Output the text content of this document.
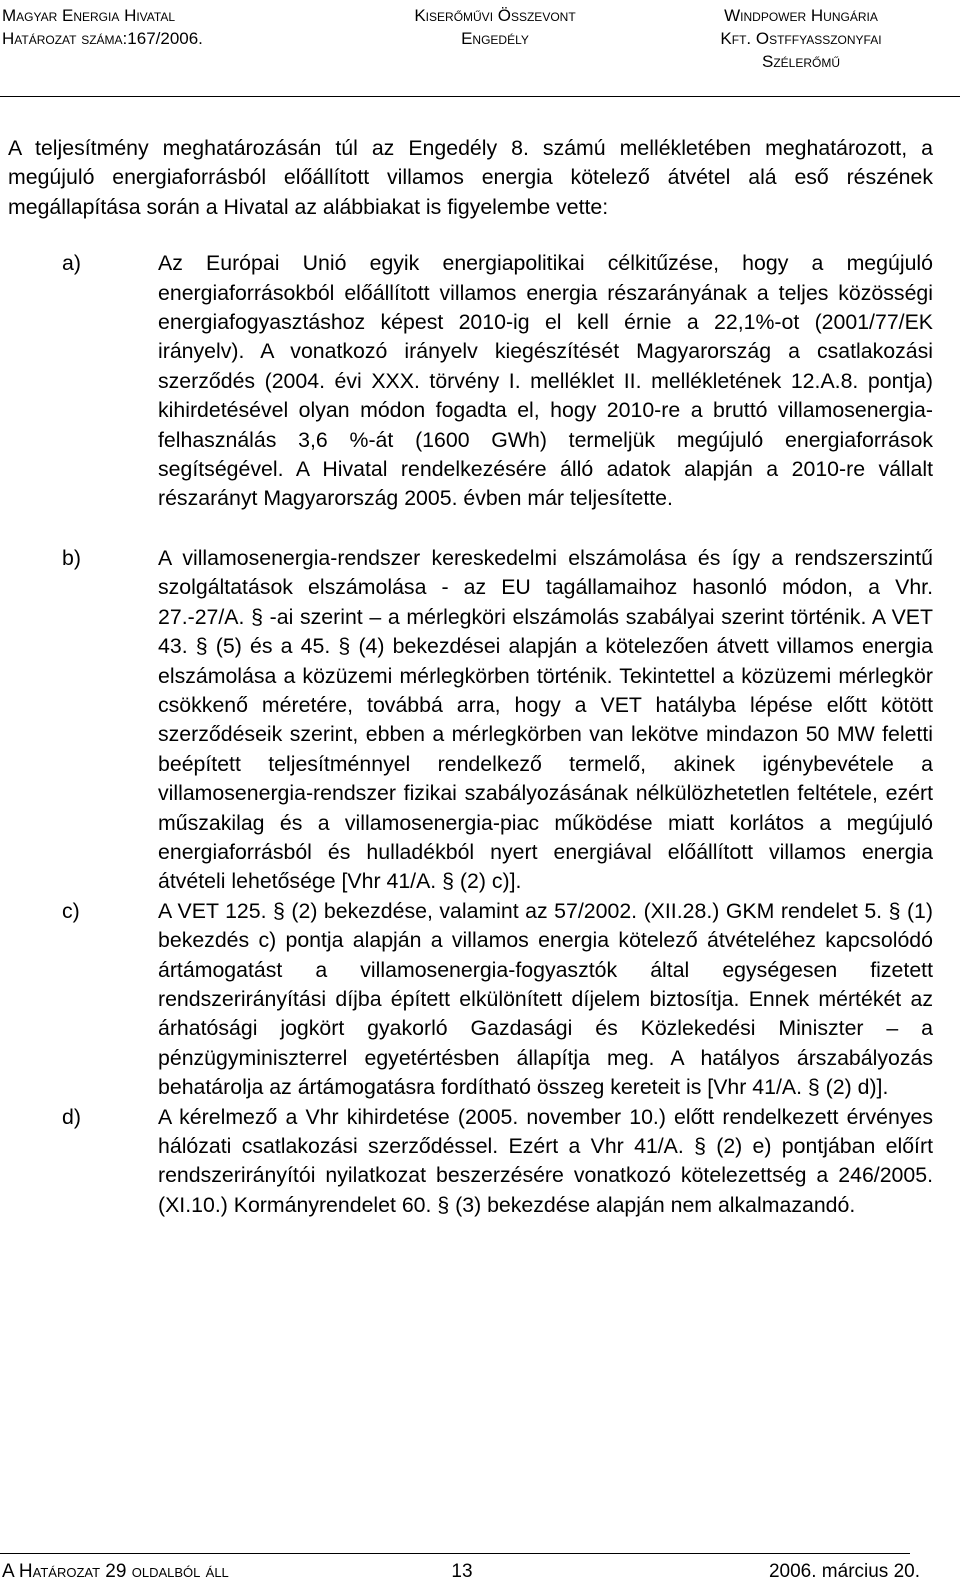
Magyar Energia Hivatal
Határozat száma:167/2006.
Kiserőművi Összevont
Engedély
Windpower Hungária
Kft. Ostffyasszonyfai
Szélerőmű

A teljesítmény meghatározásán túl az Engedély 8. számú mellékletében meghatározott, a megújuló energiaforrásból előállított villamos energia kötelező átvétel alá eső részének megállapítása során a Hivatal az alábbiakat is figyelembe vette:

a)	Az Európai Unió egyik energiapolitikai célkitűzése, hogy a megújuló energiaforrásokból előállított villamos energia részarányának a teljes közösségi energiafogyasztáshoz képest 2010-ig el kell érnie a 22,1%-ot (2001/77/EK irányelv). A vonatkozó irányelv kiegészítését Magyarország a csatlakozási szerződés (2004. évi XXX. törvény I. melléklet II. mellékletének 12.A.8. pontja) kihirdetésével olyan módon fogadta el, hogy 2010-re a bruttó villamosenergia-felhasználás 3,6 %-át (1600 GWh) termeljük megújuló energiaforrások segítségével. A Hivatal rendelkezésére álló adatok alapján a 2010-re vállalt részarányt Magyarország 2005. évben már teljesítette.
b)	A villamosenergia-rendszer kereskedelmi elszámolása és így a rendszerszintű szolgáltatások elszámolása - az EU tagállamaihoz hasonló módon, a Vhr. 27.-27/A. § -ai szerint – a mérlegköri elszámolás szabályai szerint történik. A VET 43. § (5) és a 45. § (4) bekezdései alapján a kötelezően átvett villamos energia elszámolása a közüzemi mérlegkörben történik. Tekintettel a közüzemi mérlegkör csökkenő méretére, továbbá arra, hogy a VET hatályba lépése előtt kötött szerződéseik szerint, ebben a mérlegkörben van lekötve mindazon 50 MW feletti beépített teljesítménnyel rendelkező termelő, akinek igénybevétele a villamosenergia-rendszer fizikai szabályozásának nélkülözhetetlen feltétele, ezért műszakilag és a villamosenergia-piac működése miatt korlátos a megújuló energiaforrásból és hulladékból nyert energiával előállított villamos energia átvételi lehetősége [Vhr 41/A. § (2) c)].
c)	A VET 125. § (2) bekezdése, valamint az 57/2002. (XII.28.) GKM rendelet 5. § (1) bekezdés c) pontja alapján a villamos energia kötelező átvételéhez kapcsolódó ártámogatást a villamosenergia-fogyasztók által egységesen fizetett rendszerirányítási díjba épített elkülönített díjelem biztosítja. Ennek mértékét az árhatósági jogkört gyakorló Gazdasági és Közlekedési Miniszter – a pénzügyminiszterrel egyetértésben állapítja meg. A hatályos árszabályozás behatárolja az ártámogatásra fordítható összeg kereteit is [Vhr 41/A. § (2) d)].
d)	A kérelmező a Vhr kihirdetése (2005. november 10.) előtt rendelkezett érvényes hálózati csatlakozási szerződéssel. Ezért a Vhr 41/A. § (2) e) pontjában előírt rendszerirányítói nyilatkozat beszerzésére vonatkozó kötelezettség a 246/2005. (XI.10.) Kormányrendelet 60. § (3) bekezdése alapján nem alkalmazandó.
A Határozat 29 oldalból áll	13	2006. március 20.
